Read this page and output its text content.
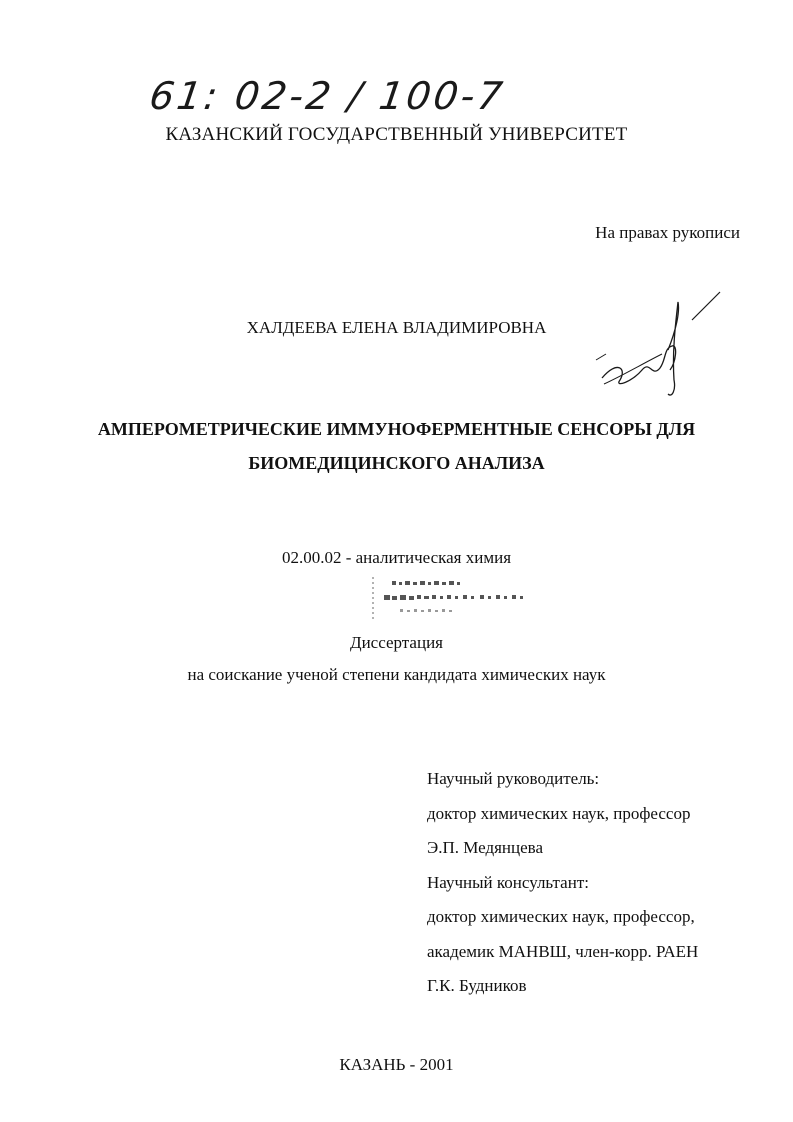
61: 02-2 / 100-7
КАЗАНСКИЙ ГОСУДАРСТВЕННЫЙ УНИВЕРСИТЕТ
На правах рукописи
ХАЛДЕЕВА ЕЛЕНА ВЛАДИМИРОВНА
АМПЕРОМЕТРИЧЕСКИЕ ИММУНОФЕРМЕНТНЫЕ СЕНСОРЫ ДЛЯ
БИОМЕДИЦИНСКОГО АНАЛИЗА
02.00.02 - аналитическая химия
Диссертация
на соискание ученой степени кандидата химических наук
Научный руководитель:
доктор химических наук, профессор
Э.П. Медянцева
Научный консультант:
доктор химических наук, профессор,
академик МАНВШ, член-корр. РАЕН
Г.К. Будников
КАЗАНЬ - 2001
